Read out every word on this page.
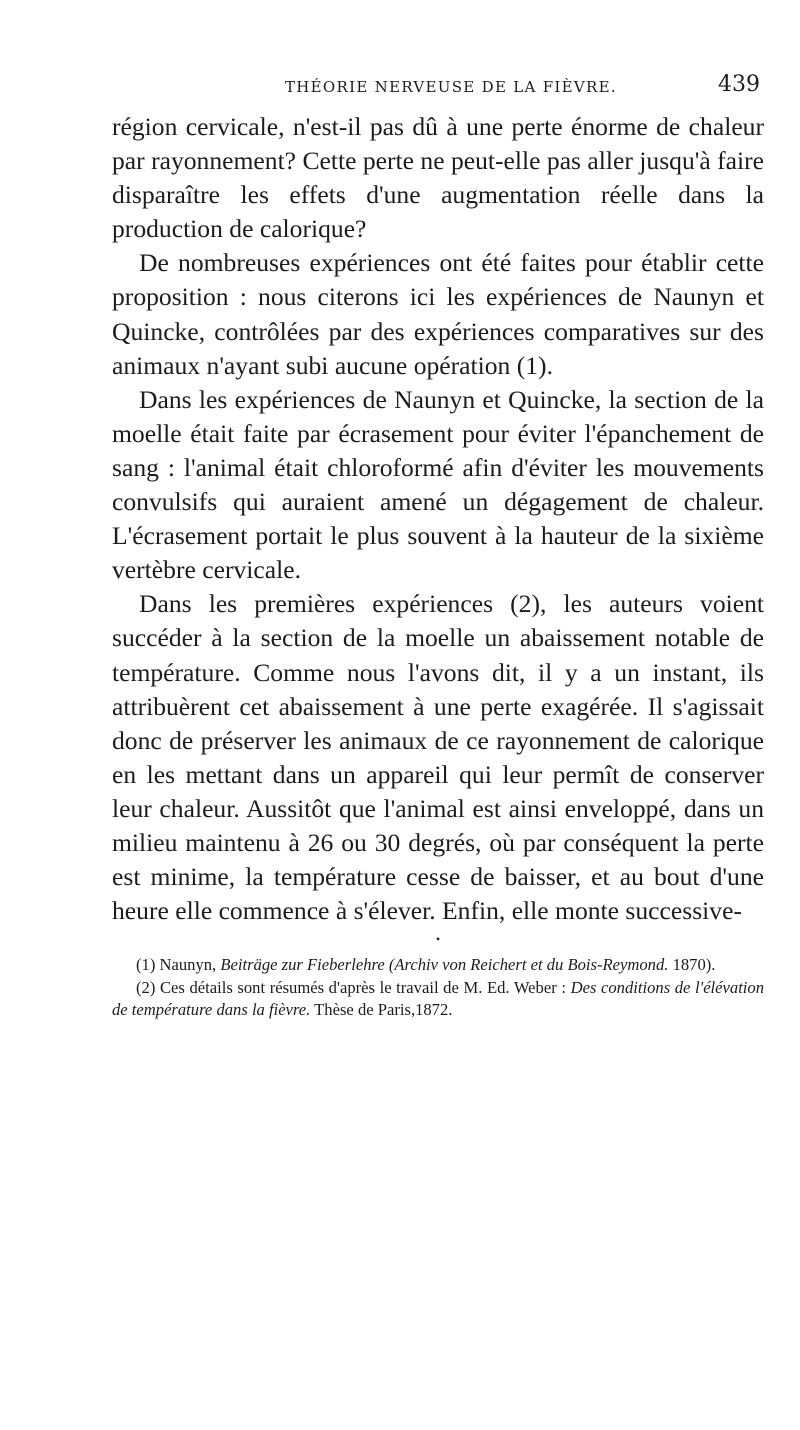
THÉORIE NERVEUSE DE LA FIÈVRE.	439

région cervicale, n'est-il pas dû à une perte énorme de chaleur par rayonnement? Cette perte ne peut-elle pas aller jusqu'à faire disparaître les effets d'une augmentation réelle dans la production de calorique?

De nombreuses expériences ont été faites pour établir cette proposition : nous citerons ici les expériences de Naunyn et Quincke, contrôlées par des expériences comparatives sur des animaux n'ayant subi aucune opération (1).

Dans les expériences de Naunyn et Quincke, la section de la moelle était faite par écrasement pour éviter l'épanchement de sang : l'animal était chloroformé afin d'éviter les mouvements convulsifs qui auraient amené un dégagement de chaleur. L'écrasement portait le plus souvent à la hauteur de la sixième vertèbre cervicale.

Dans les premières expériences (2), les auteurs voient succéder à la section de la moelle un abaissement notable de température. Comme nous l'avons dit, il y a un instant, ils attribuèrent cet abaissement à une perte exagérée. Il s'agissait donc de préserver les animaux de ce rayonnement de calorique en les mettant dans un appareil qui leur permît de conserver leur chaleur. Aussitôt que l'animal est ainsi enveloppé, dans un milieu maintenu à 26 ou 30 degrés, où par conséquent la perte est minime, la température cesse de baisser, et au bout d'une heure elle commence à s'élever. Enfin, elle monte successive-

•

(1) Naunyn, Beiträge zur Fieberlehre (Archiv von Reichert et du Bois-Reymond. 1870).

(2) Ces détails sont résumés d'après le travail de M. Ed. Weber : Des conditions de l'élévation de température dans la fièvre. Thèse de Paris,1872.
